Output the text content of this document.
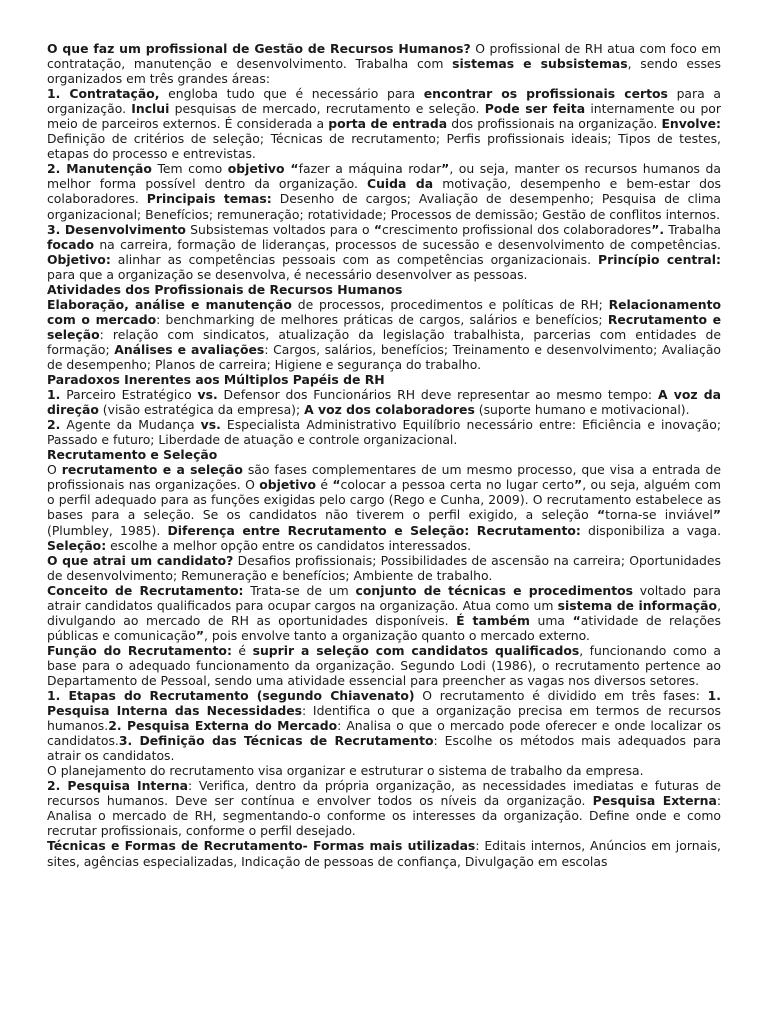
O que faz um profissional de Gestão de Recursos Humanos? O profissional de RH atua com foco em contratação, manutenção e desenvolvimento. Trabalha com sistemas e subsistemas, sendo esses organizados em três grandes áreas:

1. Contratação, engloba tudo que é necessário para encontrar os profissionais certos para a organização. Inclui pesquisas de mercado, recrutamento e seleção. Pode ser feita internamente ou por meio de parceiros externos. É considerada a porta de entrada dos profissionais na organização. Envolve: Definição de critérios de seleção; Técnicas de recrutamento; Perfis profissionais ideais; Tipos de testes, etapas do processo e entrevistas.

2. Manutenção Tem como objetivo “fazer a máquina rodar”, ou seja, manter os recursos humanos da melhor forma possível dentro da organização. Cuida da motivação, desempenho e bem-estar dos colaboradores. Principais temas: Desenho de cargos; Avaliação de desempenho; Pesquisa de clima organizacional; Benefícios; remuneração; rotatividade; Processos de demissão; Gestão de conflitos internos.

3. Desenvolvimento Subsistemas voltados para o “crescimento profissional dos colaboradores”. Trabalha focado na carreira, formação de lideranças, processos de sucessão e desenvolvimento de competências. Objetivo: alinhar as competências pessoais com as competências organizacionais. Princípio central: para que a organização se desenvolva, é necessário desenvolver as pessoas.

Atividades dos Profissionais de Recursos Humanos

Elaboração, análise e manutenção de processos, procedimentos e políticas de RH; Relacionamento com o mercado: benchmarking de melhores práticas de cargos, salários e benefícios; Recrutamento e seleção: relação com sindicatos, atualização da legislação trabalhista, parcerias com entidades de formação; Análises e avaliações: Cargos, salários, benefícios; Treinamento e desenvolvimento; Avaliação de desempenho; Planos de carreira; Higiene e segurança do trabalho.

Paradoxos Inerentes aos Múltiplos Papéis de RH

1. Parceiro Estratégico vs. Defensor dos Funcionários RH deve representar ao mesmo tempo: A voz da direção (visão estratégica da empresa); A voz dos colaboradores (suporte humano e motivacional).

2. Agente da Mudança vs. Especialista Administrativo Equilíbrio necessário entre: Eficiência e inovação; Passado e futuro; Liberdade de atuação e controle organizacional.

Recrutamento e Seleção

O recrutamento e a seleção são fases complementares de um mesmo processo, que visa a entrada de profissionais nas organizações. O objetivo é “colocar a pessoa certa no lugar certo”, ou seja, alguém com o perfil adequado para as funções exigidas pelo cargo (Rego e Cunha, 2009). O recrutamento estabelece as bases para a seleção. Se os candidatos não tiverem o perfil exigido, a seleção “torna-se inviável” (Plumbley, 1985). Diferença entre Recrutamento e Seleção: Recrutamento: disponibiliza a vaga. Seleção: escolhe a melhor opção entre os candidatos interessados.

O que atrai um candidato? Desafios profissionais; Possibilidades de ascensão na carreira; Oportunidades de desenvolvimento; Remuneração e benefícios; Ambiente de trabalho.

Conceito de Recrutamento: Trata-se de um conjunto de técnicas e procedimentos voltado para atrair candidatos qualificados para ocupar cargos na organização. Atua como um sistema de informação, divulgando ao mercado de RH as oportunidades disponíveis. É também uma “atividade de relações públicas e comunicação”, pois envolve tanto a organização quanto o mercado externo.

Função do Recrutamento: é suprir a seleção com candidatos qualificados, funcionando como a base para o adequado funcionamento da organização. Segundo Lodi (1986), o recrutamento pertence ao Departamento de Pessoal, sendo uma atividade essencial para preencher as vagas nos diversos setores.

1. Etapas do Recrutamento (segundo Chiavenato) O recrutamento é dividido em três fases: 1. Pesquisa Interna das Necessidades: Identifica o que a organização precisa em termos de recursos humanos.2. Pesquisa Externa do Mercado: Analisa o que o mercado pode oferecer e onde localizar os candidatos.3. Definição das Técnicas de Recrutamento: Escolhe os métodos mais adequados para atrair os candidatos.

O planejamento do recrutamento visa organizar e estruturar o sistema de trabalho da empresa.

2. Pesquisa Interna: Verifica, dentro da própria organização, as necessidades imediatas e futuras de recursos humanos. Deve ser contínua e envolver todos os níveis da organização. Pesquisa Externa: Analisa o mercado de RH, segmentando-o conforme os interesses da organização. Define onde e como recrutar profissionais, conforme o perfil desejado.

Técnicas e Formas de Recrutamento- Formas mais utilizadas: Editais internos, Anúncios em jornais, sites, agências especializadas, Indicação de pessoas de confiança, Divulgação em escolas
